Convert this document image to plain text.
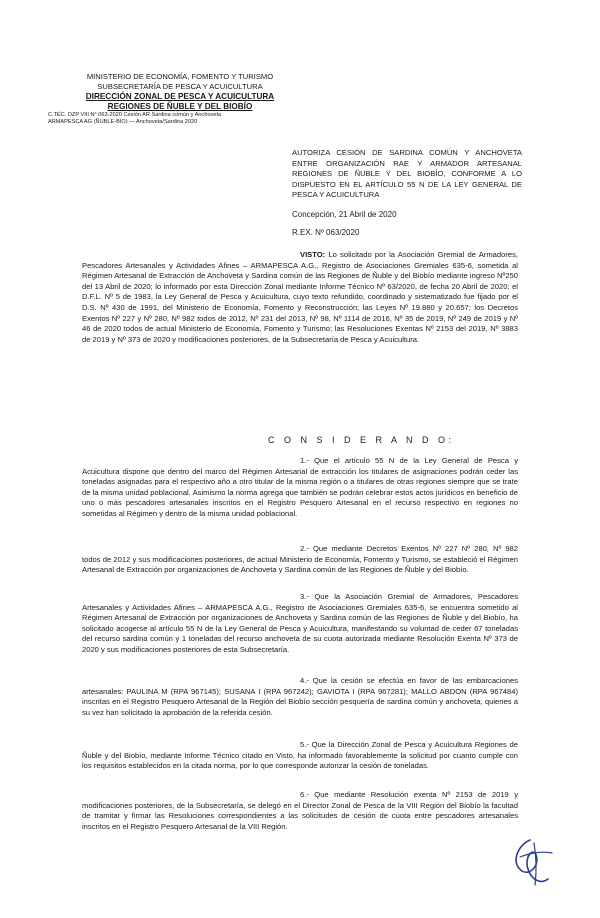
MINISTERIO DE ECONOMÍA, FOMENTO Y TURISMO
SUBSECRETARÍA DE PESCA Y ACUICULTURA
DIRECCIÓN ZONAL DE PESCA Y ACUICULTURA
REGIONES DE ÑUBLE Y DEL BIOBÍO
C.TÉC. DZP VIII N° 063-2020 Cesión AR Sardina común y Anchoveta
ARMAPESCA AG (ÑUBLE-BÍO) — Anchoveta/Sardina 2020
AUTORIZA CESIÓN DE SARDINA COMÚN Y ANCHOVETA ENTRE ORGANIZACIÓN RAE Y ARMADOR ARTESANAL REGIONES DE ÑUBLE Y DEL BIOBÍO, CONFORME A LO DISPUESTO EN EL ARTÍCULO 55 N DE LA LEY GENERAL DE PESCA Y ACUICULTURA
Concepción, 21 Abril de 2020
R.EX. Nº 063/2020
VISTO: Lo solicitado por la Asociación Gremial de Armadores, Pescadores Artesanales y Actividades Afines – ARMAPESCA A.G., Registro de Asociaciones Gremiales 635-6, sometida al Régimen Artesanal de Extracción de Anchoveta y Sardina común de las Regiones de Ñuble y del Biobío mediante ingreso Nº250 del 13 Abril de 2020; lo informado por esta Dirección Zonal mediante Informe Técnico Nº 63/2020, de fecha 20 Abril de 2020; el D.F.L. Nº 5 de 1983, la Ley General de Pesca y Acuicultura, cuyo texto refundido, coordinado y sistematizado fue fijado por el D.S. Nº 430 de 1991, del Ministerio de Economía, Fomento y Reconstrucción; las Leyes Nº 19.880 y 20.657; los Decretos Exentos Nº 227 y Nº 280, Nº 982 todos de 2012, Nº 231 del 2013, Nº 98, Nº 1114 de 2016, Nº 35 de 2019, Nº 249 de 2019 y Nº 46 de 2020 todos de actual Ministerio de Economía, Fomento y Turismo; las Resoluciones Exentas Nº 2153 del 2019, Nº 3883 de 2019 y Nº 373 de 2020 y modificaciones posteriores, de la Subsecretaría de Pesca y Acuicultura.
C O N S I D E R A N D O:
1.- Que el artículo 55 N de la Ley General de Pesca y Acuicultura dispone que dentro del marco del Régimen Artesanal de extracción los titulares de asignaciones podrán ceder las toneladas asignadas para el respectivo año a otro titular de la misma región o a titulares de otras regiones siempre que se trate de la misma unidad poblacional. Asimismo la norma agrega que también se podrán celebrar estos actos jurídicos en beneficio de uno o más pescadores artesanales inscritos en el Registro Pesquero Artesanal en el recurso respectivo en regiones no sometidas al Régimen y dentro de la misma unidad poblacional.
2.- Que mediante Decretos Exentos Nº 227 Nº 280, Nº 982 todos de 2012 y sus modificaciones posteriores, de actual Ministerio de Economía, Fomento y Turismo, se estableció el Régimen Artesanal de Extracción por organizaciones de Anchoveta y Sardina común de las Regiones de Ñuble y del Biobío.
3.- Que la Asociación Gremial de Armadores, Pescadores Artesanales y Actividades Afines – ARMAPESCA A.G., Registro de Asociaciones Gremiales 635-6, se encuentra sometido al Régimen Artesanal de Extracción por organizaciones de Anchoveta y Sardina común de las Regiones de Ñuble y del Biobío, ha solicitado acogerse al artículo 55 N de la Ley General de Pesca y Acuicultura, manifestando su voluntad de ceder 67 toneladas del recurso sardina común y 1 toneladas del recurso anchoveta de su cuota autorizada mediante Resolución Exenta Nº 373 de 2020 y sus modificaciones posteriores de esta Subsecretaría.
4.- Que la cesión se efectúa en favor de las embarcaciones artesanales: PAULINA M (RPA 967145); SUSANA I (RPA 967242); GAVIOTA I (RPA 967281); MALLO ABDON (RPA 967484) inscritas en el Registro Pesquero Artesanal de la Región del Biobío sección pesquería de sardina común y anchoveta, quienes a su vez han solicitado la aprobación de la referida cesión.
5.- Que la Dirección Zonal de Pesca y Acuicultura Regiones de Ñuble y del Biobío, mediante Informe Técnico citado en Visto, ha informado favorablemente la solicitud por cuanto cumple con los requisitos establecidos en la citada norma, por lo que corresponde autorizar la cesión de toneladas.
6.- Que mediante Resolución exenta Nº 2153 de 2019 y modificaciones posteriores, de la Subsecretaría, se delegó en el Director Zonal de Pesca de la VIII Región del Biobío la facultad de tramitar y firmar las Resoluciones correspondientes a las solicitudes de cesión de cuota entre pescadores artesanales inscritos en el Registro Pesquero Artesanal de la VIII Región.
